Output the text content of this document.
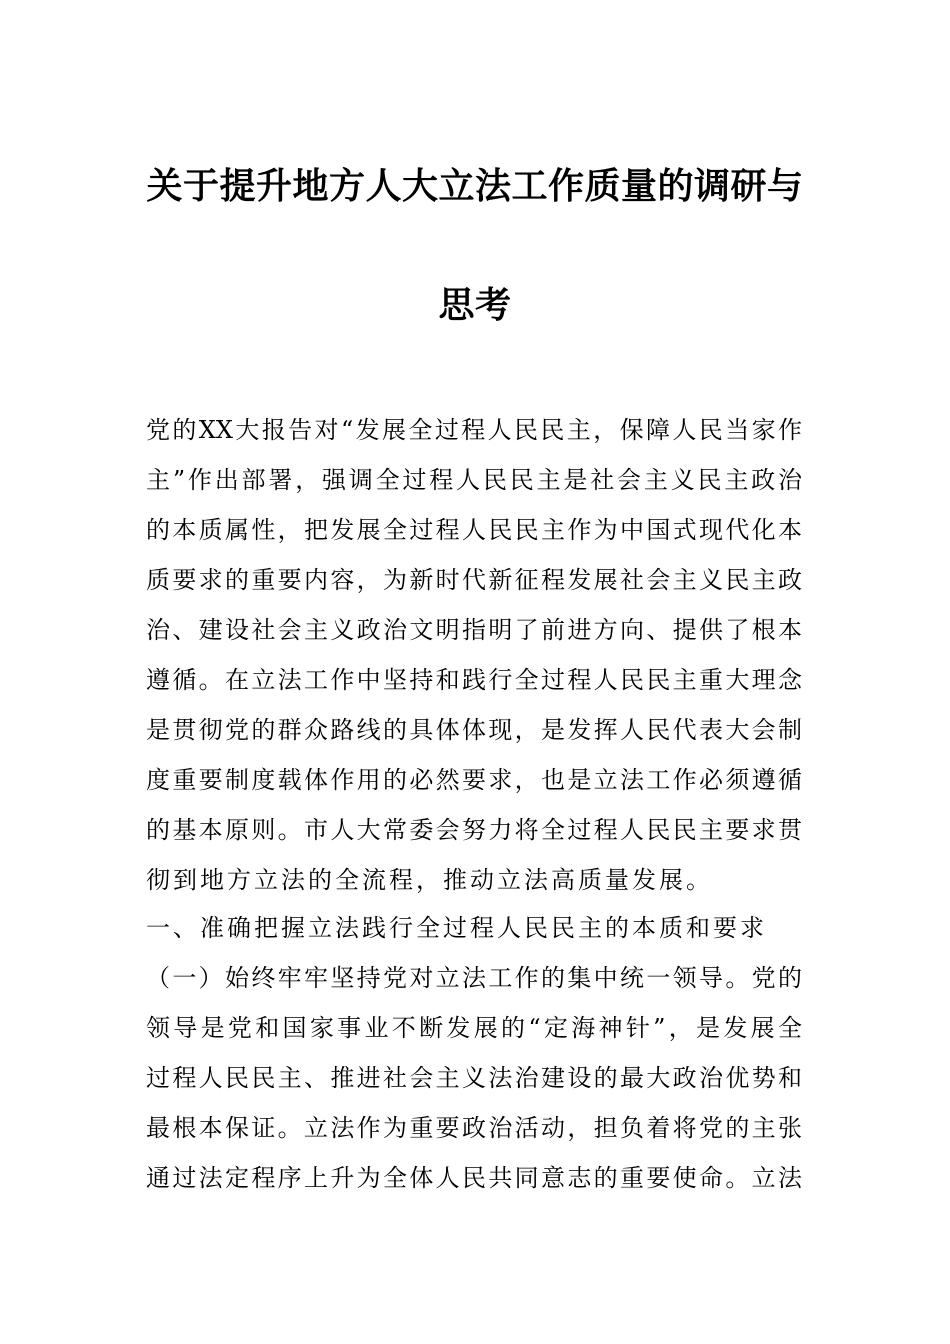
关于提升地方人大立法工作质量的调研与
思考
党的XX大报告对“发展全过程人民民主，保障人民当家作
主”作出部署，强调全过程人民民主是社会主义民主政治
的本质属性，把发展全过程人民民主作为中国式现代化本
质要求的重要内容，为新时代新征程发展社会主义民主政
治、建设社会主义政治文明指明了前进方向、提供了根本
遵循。在立法工作中坚持和践行全过程人民民主重大理念
是贯彻党的群众路线的具体体现，是发挥人民代表大会制
度重要制度载体作用的必然要求，也是立法工作必须遵循
的基本原则。市人大常委会努力将全过程人民民主要求贯
彻到地方立法的全流程，推动立法高质量发展。
一、准确把握立法践行全过程人民民主的本质和要求
（一）始终牢牢坚持党对立法工作的集中统一领导。党的
领导是党和国家事业不断发展的“定海神针”，是发展全
过程人民民主、推进社会主义法治建设的最大政治优势和
最根本保证。立法作为重要政治活动，担负着将党的主张
通过法定程序上升为全体人民共同意志的重要使命。立法
